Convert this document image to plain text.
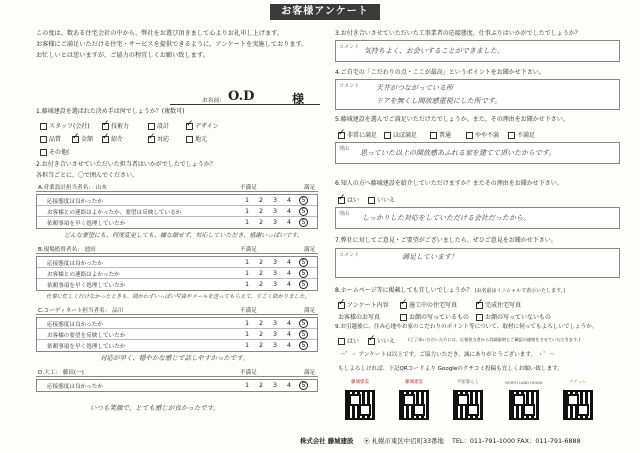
お客様アンケート
この度は、数ある住宅会社の中から、弊社をお選び頂きまして心よりお礼申し上げます。
お客様にご満足いただける住宅・サービスを提供できるように、アンケートを実施しております。
お忙しいとは思いますが、ご協力の程宜しくお願い致します。
お名前: O.D	様
1.藤城建設を選ばれた決め手は何でしょうか？(複数可)
スタッフ(会社) ✓	技術力	設計 ✓	デザイン
品質 ✓	金額 ✓	紹介 ✓	対応	地元
その他(
2.お付き合いさせていただいた担当者はいかがでしたでしょうか？
各担当ごとに、〇で囲んでください。
A.営業設計担当者名： 山本	不満足	満足
応接態度は良かったか	1 2 3 4	5
お客様との連絡はよかったか、要望は反映しているか	1 2 3 4	5
依頼事項を早く処理していたか	1 2 3 4	5
どんな要望にも、何度変更しても、嫌な顔せず、対応していただき、感謝いっぱいです。
B.現場監督者名： 池田	不満足	満足
応接態度は良かったか	1 2 3 4	5
お客様との連絡はよかったか	1 2 3 4	5
依頼事項を早く処理していたか	1 2 3 4	5
仕事に忙しく行けなかったときも、間かわずいっぱい写真やメールを送ってもらえて、すごく助かりました。
C.コーディネート担当者名： 品川	不満足	満足
応接態度は良かったか	1 2 3 4	5
お客様の要望を反映していたか	1 2 3 4	5
依頼事項を早く処理していたか	1 2 3 4	5
対応が早く、穏やかな感じで話しやすかったです。
D.大工： 藤田(一)	不満足	満足
応接態度は良かったか	1 2 3 4	5
いつも笑顔で、とても感じが良かったです。
3.お付き合いさせていただいた工事業者の応接態度、仕事ぶりはいかがでしたでしょうか？
コメント 気持ちよく、お会いすることができました。
4.ご自宅の「こだわりの点・ここが最高」というポイントをお聞かせ下さい。
コメント 天井がつながっている所
ドアを無くし開放感重視にした所です。
5.藤城建設を選んでご満足いただけたでしょうか。また、その理由をお聞かせ下さい。
✓非常に満足	ほぼ満足	普通	やや不満	不満足
理由 思っていた以上の開放感あふれる家を建てて頂いたからです。
6.知人の方へ藤城建設を紹介していただけますか？またその理由をお聞かせ下さい。
✓はい	いいえ
理由 しっかりした対応をしていただける会社だったから。
7.弊社に対してご意見・ご要望がございましたら、ぜひご意見をお聞かせ下さい。
コメント	満足しています！
8.ホームページ等に掲載しても宜しいでしょうか？ (お名前はイニシャルで表示いたします。)
✓アンケート内容 ✓	施工中の住宅写真 ✓	完成住宅写真
お客様のお写真	お顔の写っているもの	お顔の写っていないもの
9.お引越後に、住み心地やお家のこだわりのポイント等について、取材に伺ってもよろしいでしょうか。
はい ✓	いいえ	(ご了承いただいた方には、広報担当者から詳細説明とご確認の連絡をさせていただきます。)
〜゜・ アンケートは以上です。ご協力いただき、誠にありがとうございます。 ・゜〜
もしよろしければ、下記QRコードより Googleのクチコミ投稿も宜しくお願い致します。
藤城建設	藤城建設	平屋暮らし	NORTH LAND HOUSE	ナチュレ
株式会社 藤城建設 ⦿ 札幌市東区中沼町33番地 TEL：011-791-1000 FAX：011-791-6888
